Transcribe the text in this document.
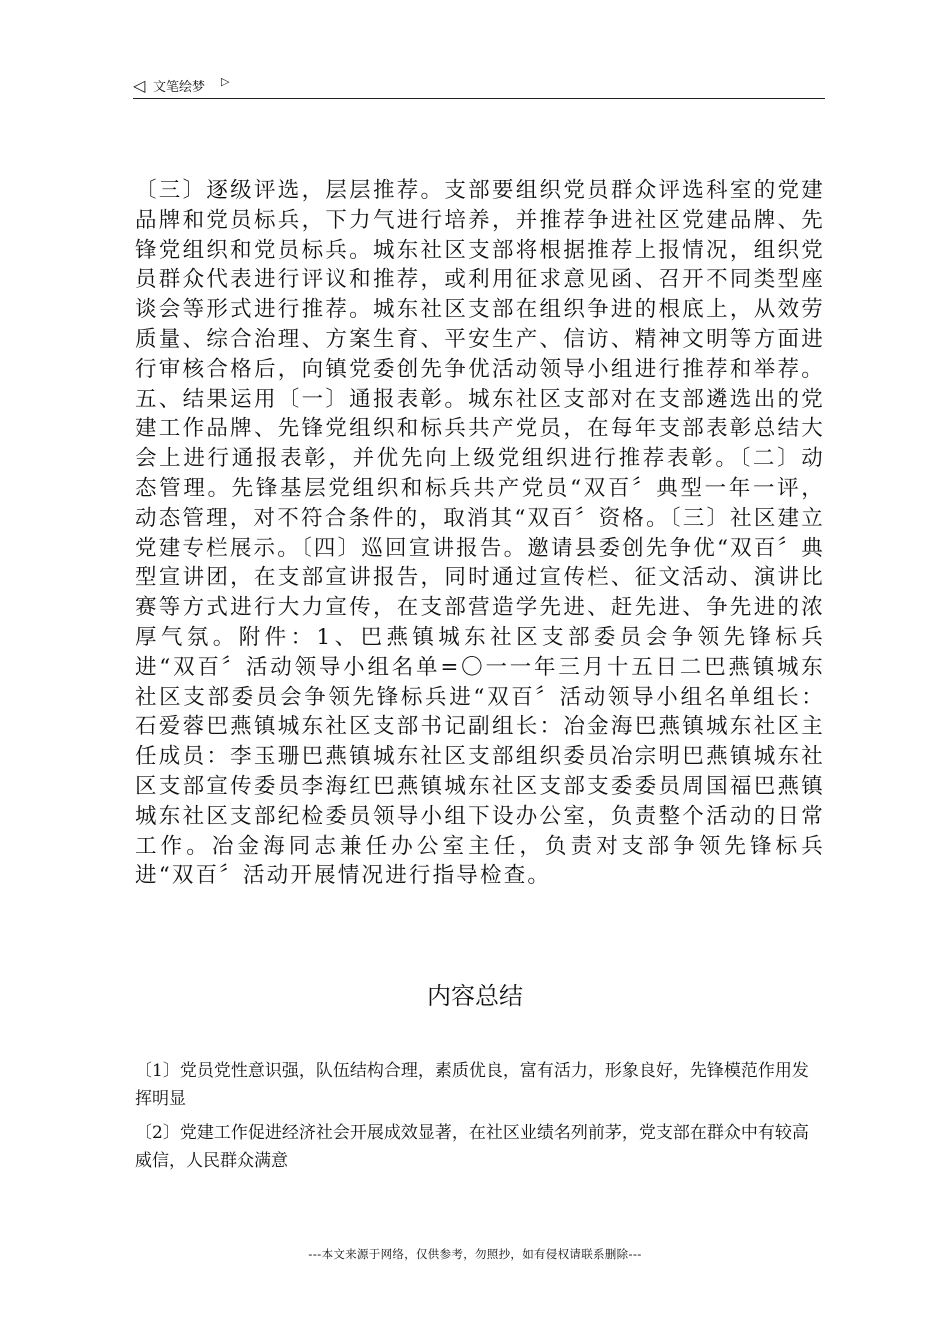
◁ 文笔绘梦 ▷

〔三〕逐级评选，层层推荐。支部要组织党员群众评选科室的党建品牌和党员标兵，下力气进行培养，并推荐争进社区党建品牌、先锋党组织和党员标兵。城东社区支部将根据推荐上报情况，组织党员群众代表进行评议和推荐，或利用征求意见函、召开不同类型座谈会等形式进行推荐。城东社区支部在组织争进的根底上，从效劳质量、综合治理、方案生育、平安生产、信访、精神文明等方面进行审核合格后，向镇党委创先争优活动领导小组进行推荐和举荐。五、结果运用〔一〕通报表彰。城东社区支部对在支部遴选出的党建工作品牌、先锋党组织和标兵共产党员，在每年支部表彰总结大会上进行通报表彰，并优先向上级党组织进行推荐表彰。〔二〕动态管理。先锋基层党组织和标兵共产党员“双百〞典型一年一评，动态管理，对不符合条件的，取消其“双百〞资格。〔三〕社区建立党建专栏展示。〔四〕巡回宣讲报告。邀请县委创先争优“双百〞典型宣讲团，在支部宣讲报告，同时通过宣传栏、征文活动、演讲比赛等方式进行大力宣传，在支部营造学先进、赶先进、争先进的浓厚气氛。附件：1、巴燕镇城东社区支部委员会争领先锋标兵进“双百〞活动领导小组名单=〇一一年三月十五日二巴燕镇城东社区支部委员会争领先锋标兵进“双百〞活动领导小组名单组长：石爱蓉巴燕镇城东社区支部书记副组长：冶金海巴燕镇城东社区主任成员：李玉珊巴燕镇城东社区支部组织委员冶宗明巴燕镇城东社区支部宣传委员李海红巴燕镇城东社区支部支委委员周国福巴燕镇城东社区支部纪检委员领导小组下设办公室，负责整个活动的日常工作。冶金海同志兼任办公室主任，负责对支部争领先锋标兵进“双百〞活动开展情况进行指导检查。

内容总结

〔1〕党员党性意识强，队伍结构合理，素质优良，富有活力，形象良好，先锋模范作用发挥明显

〔2〕党建工作促进经济社会开展成效显著，在社区业绩名列前茅，党支部在群众中有较高威信，人民群众满意

---本文来源于网络，仅供参考，勿照抄，如有侵权请联系删除---
